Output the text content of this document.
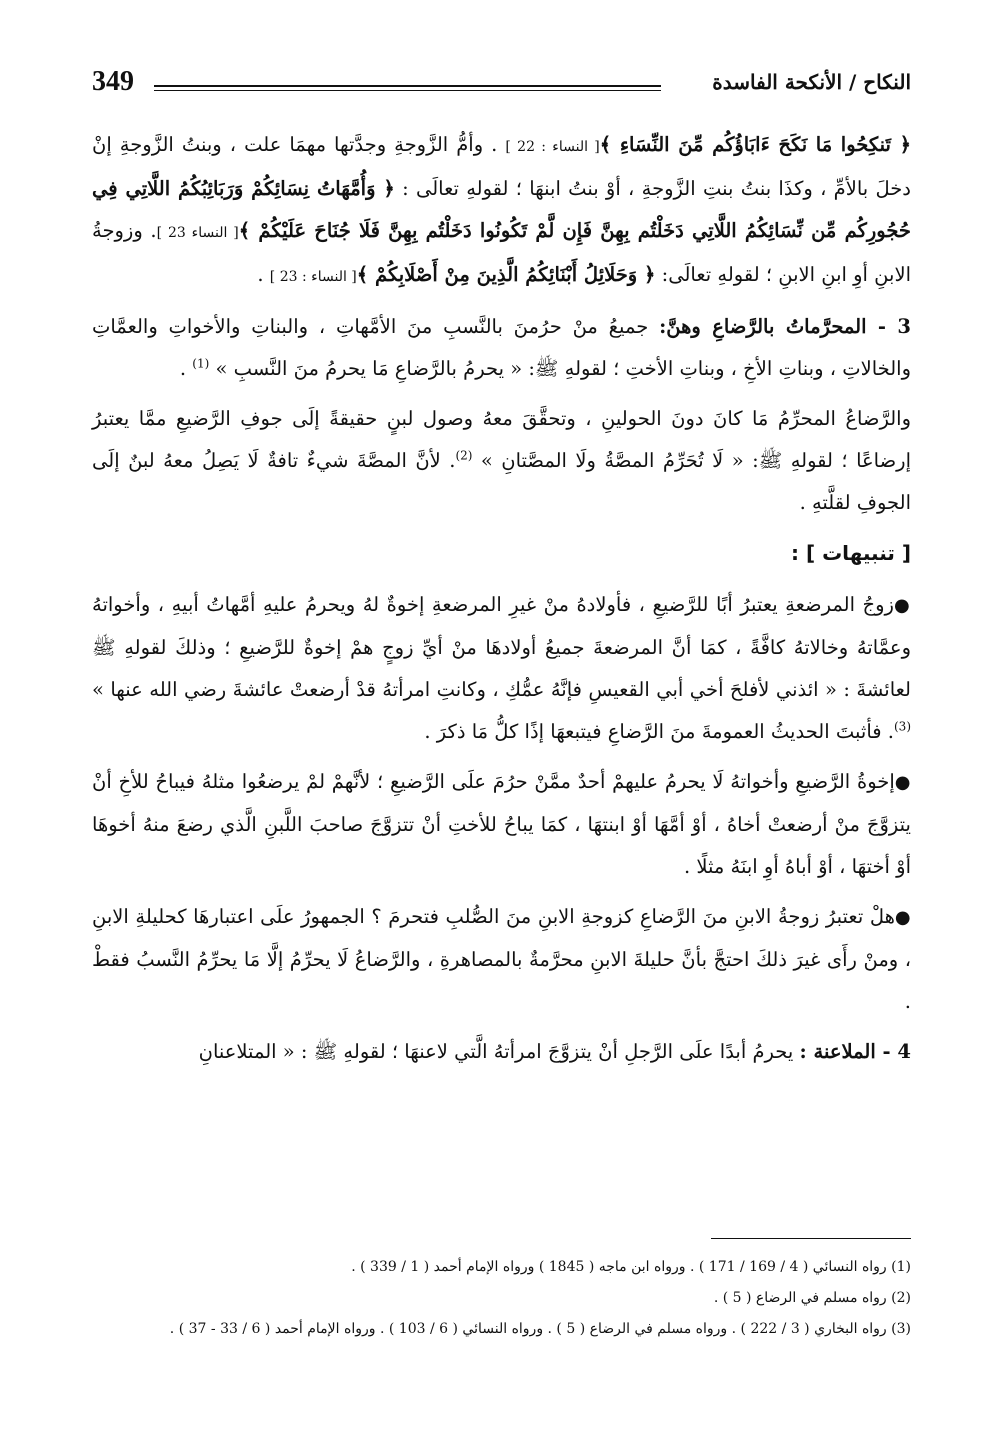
النكاح / الأنكحة الفاسدة
349

﴿ تَنكِحُوا مَا نَكَحَ ءَابَاؤُكُم مِّنَ النِّسَاءِ ﴾[ النساء : 22 ] . وأمُّ الزَّوجةِ وجدَّتها مهمَا علت ، وبنتُ الزَّوجةِ إنْ دخلَ بالأمِّ ، وكذَا بنتُ بنتِ الزَّوجةِ ، أوْ بنتُ ابنهَا ؛ لقولهِ تعالَى : ﴿ وَأُمَّهَاتُ نِسَائِكُمْ وَرَبَائِبُكُمُ اللَّاتِي فِي حُجُورِكُم مِّن نِّسَائِكُمُ اللَّاتِي دَخَلْتُم بِهِنَّ فَإِن لَّمْ تَكُونُوا دَخَلْتُم بِهِنَّ فَلَا جُنَاحَ عَلَيْكُمْ ﴾[ النساء 23 ]. وزوجةُ الابنِ أوِ ابنِ الابنِ ؛ لقولهِ تعالَى: ﴿ وَحَلَائِلُ أَبْنَائِكُمُ الَّذِينَ مِنْ أَصْلَابِكُمْ ﴾[ النساء : 23 ] .

3 - المحرَّماتُ بالرَّضاعِ وهنَّ: جميعُ منْ حرُمنَ بالنَّسبِ منَ الأمَّهاتِ ، والبناتِ والأخواتِ والعمَّاتِ والخالاتِ ، وبناتِ الأخِ ، وبناتِ الأختِ ؛ لقولهِ ﷺ: « يحرمُ بالرَّضاعِ مَا يحرمُ منَ النَّسبِ » $^{(1)}$ .

والرَّضاعُ المحرِّمُ مَا كانَ دونَ الحولينِ ، وتحقَّقَ معهُ وصول لبنٍ حقيقةً إلَى جوفِ الرَّضيعِ ممَّا يعتبرُ إرضاعًا ؛ لقولهِ ﷺ: « لَا تُحَرِّمُ المصَّةُ ولَا المصَّتانِ » $^{(2)}$. لأنَّ المصَّةَ شيءٌ تافةٌ لَا يَصِلُ معهُ لبنٌ إلَى الجوفِ لقلَّتهِ .

[ تنبيهات ] :

●زوجُ المرضعةِ يعتبرُ أبًا للرَّضيعِ ، فأولادهُ منْ غيرِ المرضعةِ إخوةٌ لهُ ويحرمُ عليهِ أمَّهاتُ أبيهِ ، وأخواتهُ وعمَّاتهُ وخالاتهُ كافَّةً ، كمَا أنَّ المرضعةَ جميعُ أولادهَا منْ أيِّ زوجٍ همْ إخوةٌ للرَّضيعِ ؛ وذلكَ لقولهِ ﷺ لعائشةَ : « ائذني لأفلحَ أخي أبي القعيسِ فإنَّهُ عمُّكِ ، وكانتِ امرأتهُ قدْ أرضعتْ عائشةَ رضي الله عنها » $^{(3)}$. فأثبتَ الحديثُ العمومةَ منَ الرَّضاعِ فيتبعهَا إذًا كلُّ مَا ذكرَ .

●إخوةُ الرَّضيعِ وأخواتهُ لَا يحرمُ عليهمْ أحدٌ ممَّنْ حرُمَ علَى الرَّضيعِ ؛ لأنَّهمْ لمْ يرضعُوا مثلهُ فيباحُ للأخِ أنْ يتزوَّجَ منْ أرضعتْ أخاهُ ، أوْ أمَّهَا أوْ ابنتهَا ، كمَا يباحُ للأختِ أنْ تتزوَّجَ صاحبَ اللَّبنِ الَّذي رضعَ منهُ أخوهَا أوْ أختهَا ، أوْ أباهُ أوِ ابنَهُ مثلًا .

●هلْ تعتبرُ زوجةُ الابنِ منَ الرَّضاعِ كزوجةِ الابنِ منَ الصُّلبِ فتحرمَ ؟ الجمهورُ علَى اعتبارهَا كحليلةِ الابنِ ، ومنْ رأَى غيرَ ذلكَ احتجَّ بأنَّ حليلةَ الابنِ محرَّمةٌ بالمصاهرةِ ، والرَّضاعُ لَا يحرِّمُ إلَّا مَا يحرِّمُ النَّسبُ فقطْ .

4 - الملاعنة : يحرمُ أبدًا علَى الرَّجلِ أنْ يتزوَّجَ امرأتهُ الَّتي لاعنهَا ؛ لقولهِ ﷺ : « المتلاعنانِ

(1) رواه النسائي ( 4 / 169 / 171 ) . ورواه ابن ماجه ( 1845 ) ورواه الإمام أحمد ( 1 / 339 ) .
(2) رواه مسلم في الرضاع ( 5 ) .
(3) رواه البخاري ( 3 / 222 ) . ورواه مسلم في الرضاع ( 5 ) . ورواه النسائي ( 6 / 103 ) . ورواه الإمام أحمد ( 6 / 33 - 37 ) .
